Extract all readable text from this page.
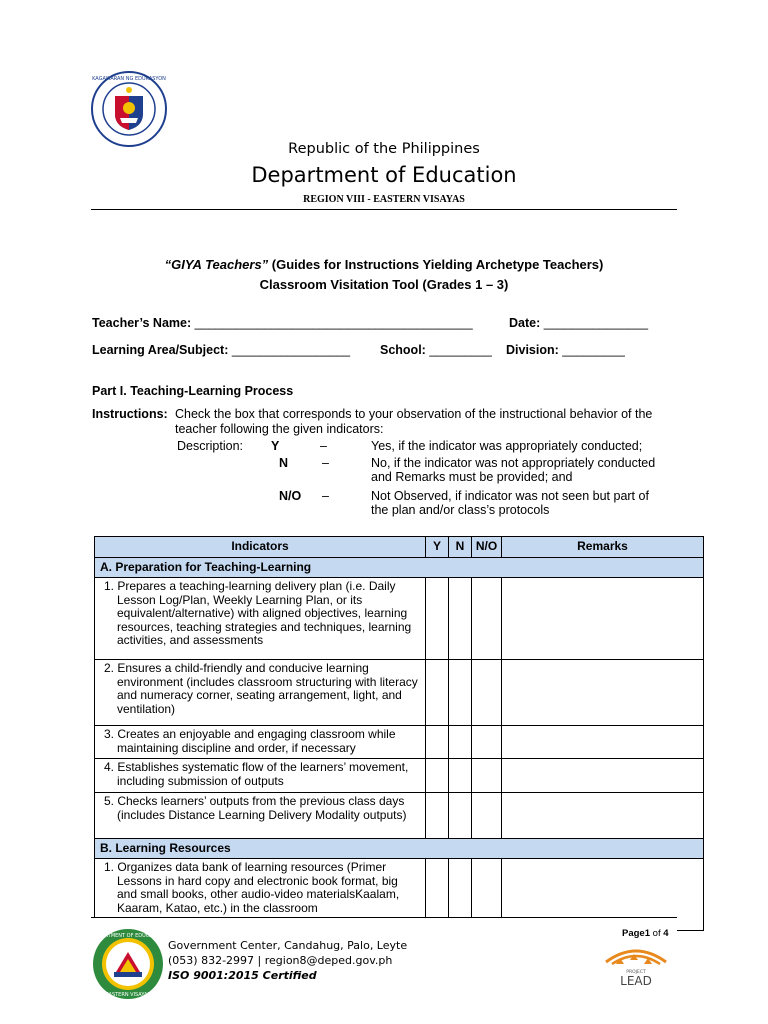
KAGAWARAN NG EDUKASYON
Republic of the Philippines
Department of Education
REGION VIII - EASTERN VISAYAS
“GIYA Teachers” (Guides for Instructions Yielding Archetype Teachers)
Classroom Visitation Tool (Grades 1 – 3)
Teacher’s Name: ________________________________________	Date: _______________
Learning Area/Subject: _________________ School: _________ Division: _________
Part I. Teaching-Learning Process
Instructions: Check the box that corresponds to your observation of the instructional behavior of the
teacher following the given indicators:
Description: Y	–	Yes, if the indicator was appropriately conducted;
N	–	No, if the indicator was not appropriately conducted
and Remarks must be provided; and
N/O –	Not Observed, if indicator was not seen but part of
the plan and/or class’s protocols
Indicators	Y	N	N/O	Remarks
A. Preparation for Teaching-Learning				

1. Prepares a teaching-learning delivery plan (i.e. Daily Lesson Log/Plan, Weekly Learning Plan, or its equivalent/alternative) with aligned objectives, learning resources, teaching strategies and techniques, learning activities, and assessments				

2. Ensures a child-friendly and conducive learning environment (includes classroom structuring with literacy and numeracy corner, seating arrangement, light, and ventilation)				

3. Creates an enjoyable and engaging classroom while maintaining discipline and order, if necessary				

4. Establishes systematic flow of the learners’ movement, including submission of outputs				

5. Checks learners’ outputs from the previous class days (includes Distance Learning Delivery Modality outputs)				

B. Learning Resources				

1. Organizes data bank of learning resources (Primer Lessons in hard copy and electronic book format, big and small books, other audio-video materialsKaalam, Kaaram, Katao, etc.) in the classroom				

DEPARTMENT OF EDUCATION
EASTERN VISAYAS
Government Center, Candahug, Palo, Leyte
(053) 832-2997 | region8@deped.gov.ph
ISO 9001:2015 Certified
Page1 of 4
PROJECT
LEAD
